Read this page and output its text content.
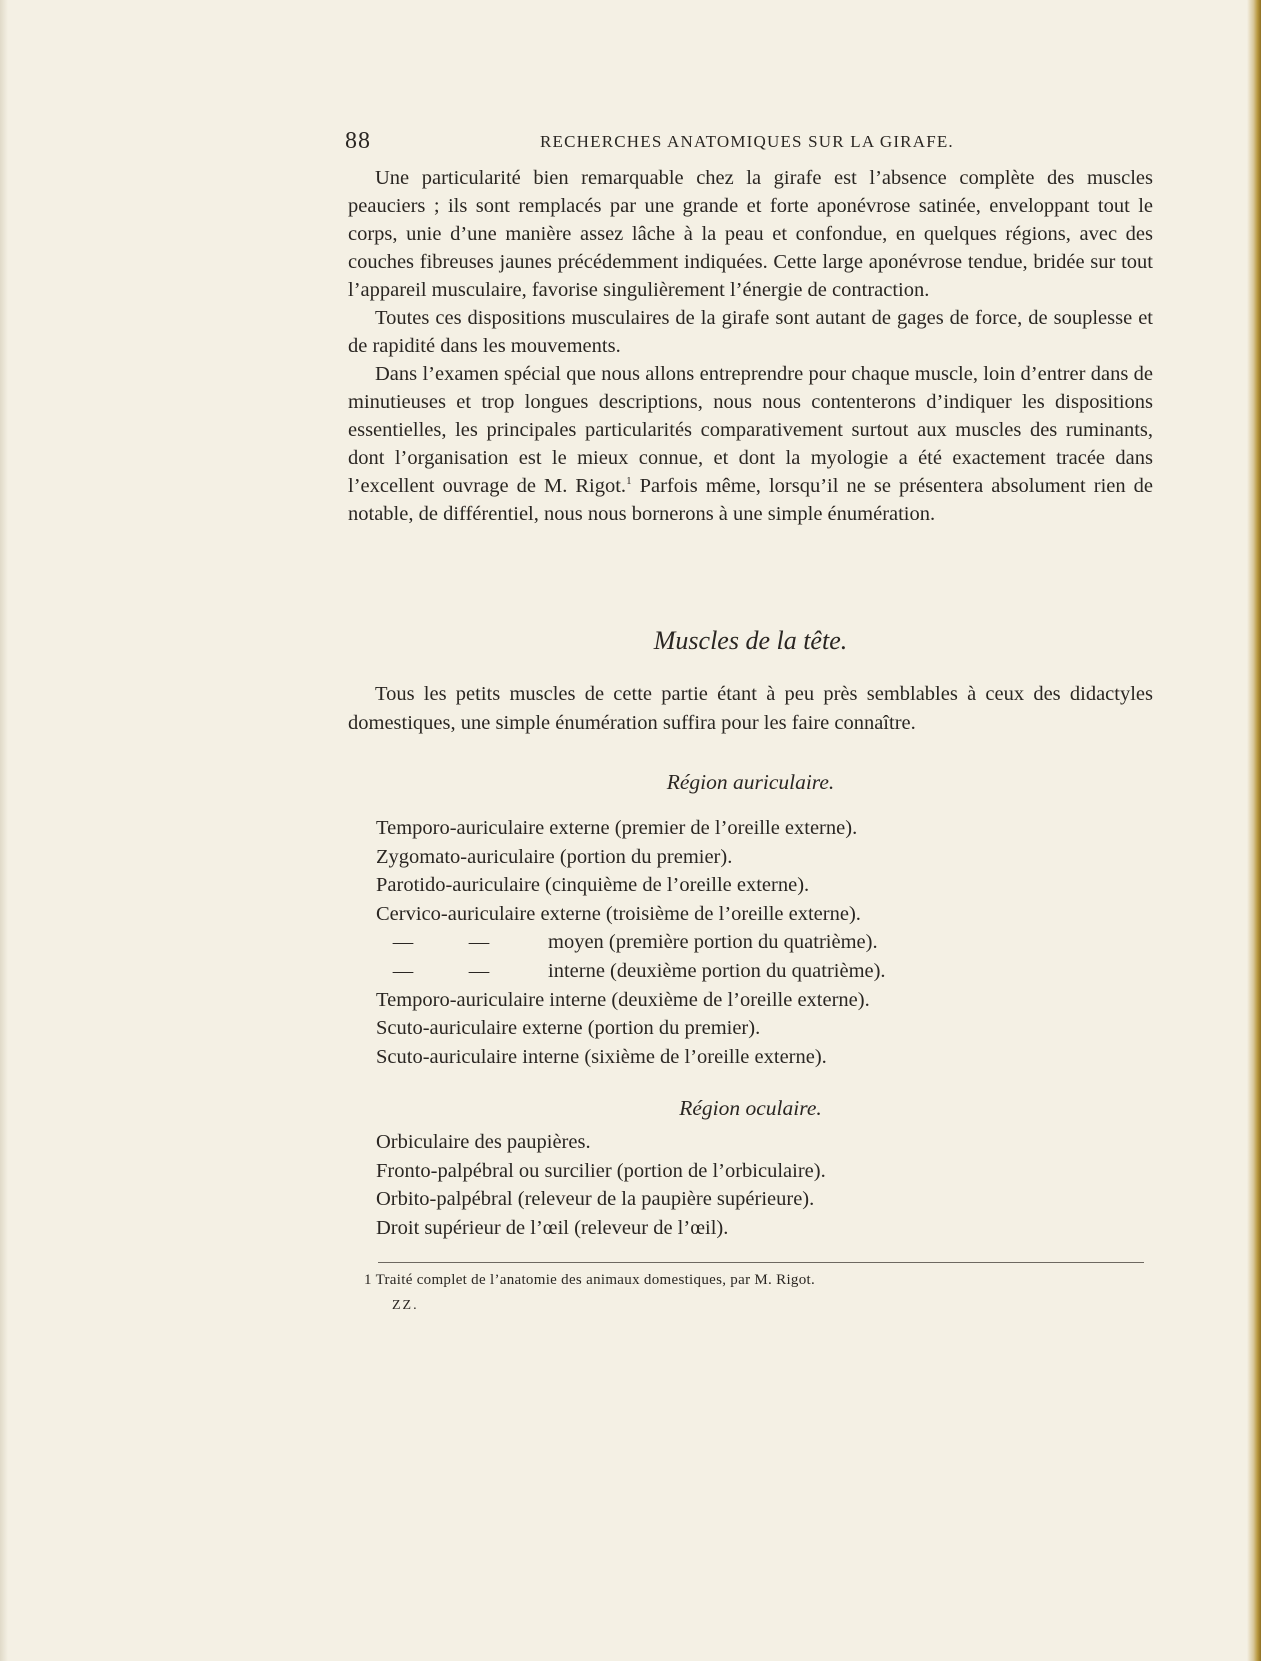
88	RECHERCHES ANATOMIQUES SUR LA GIRAFE.

Une particularité bien remarquable chez la girafe est l’absence complète des muscles peauciers ; ils sont remplacés par une grande et forte aponévrose satinée, enveloppant tout le corps, unie d’une manière assez lâche à la peau et confondue, en quelques régions, avec des couches fibreuses jaunes précédemment indiquées. Cette large aponévrose tendue, bridée sur tout l’appareil musculaire, favorise singulièrement l’énergie de contraction.

Toutes ces dispositions musculaires de la girafe sont autant de gages de force, de souplesse et de rapidité dans les mouvements.

Dans l’examen spécial que nous allons entreprendre pour chaque muscle, loin d’entrer dans de minutieuses et trop longues descriptions, nous nous contenterons d’indiquer les dispositions essentielles, les principales particularités comparativement surtout aux muscles des ruminants, dont l’organisation est le mieux connue, et dont la myologie a été exactement tracée dans l’excellent ouvrage de M. Rigot.$^1$ Parfois même, lorsqu’il ne se présentera absolument rien de notable, de différentiel, nous nous bornerons à une simple énumération.

Muscles de la tête.

Tous les petits muscles de cette partie étant à peu près semblables à ceux des didactyles domestiques, une simple énumération suffira pour les faire connaître.

Région auriculaire.
Temporo-auriculaire externe (premier de l’oreille externe).
Zygomato-auriculaire (portion du premier).
Parotido-auriculaire (cinquième de l’oreille externe).
Cervico-auriculaire externe (troisième de l’oreille externe).
—	—	moyen (première portion du quatrième).
—	—	interne (deuxième portion du quatrième).
Temporo-auriculaire interne (deuxième de l’oreille externe).
Scuto-auriculaire externe (portion du premier).
Scuto-auriculaire interne (sixième de l’oreille externe).
Région oculaire.
Orbiculaire des paupières.
Fronto-palpébral ou surcilier (portion de l’orbiculaire).
Orbito-palpébral (releveur de la paupière supérieure).
Droit supérieur de l’œil (releveur de l’œil).
1 Traité complet de l’anatomie des animaux domestiques, par M. Rigot.
ZZ.
